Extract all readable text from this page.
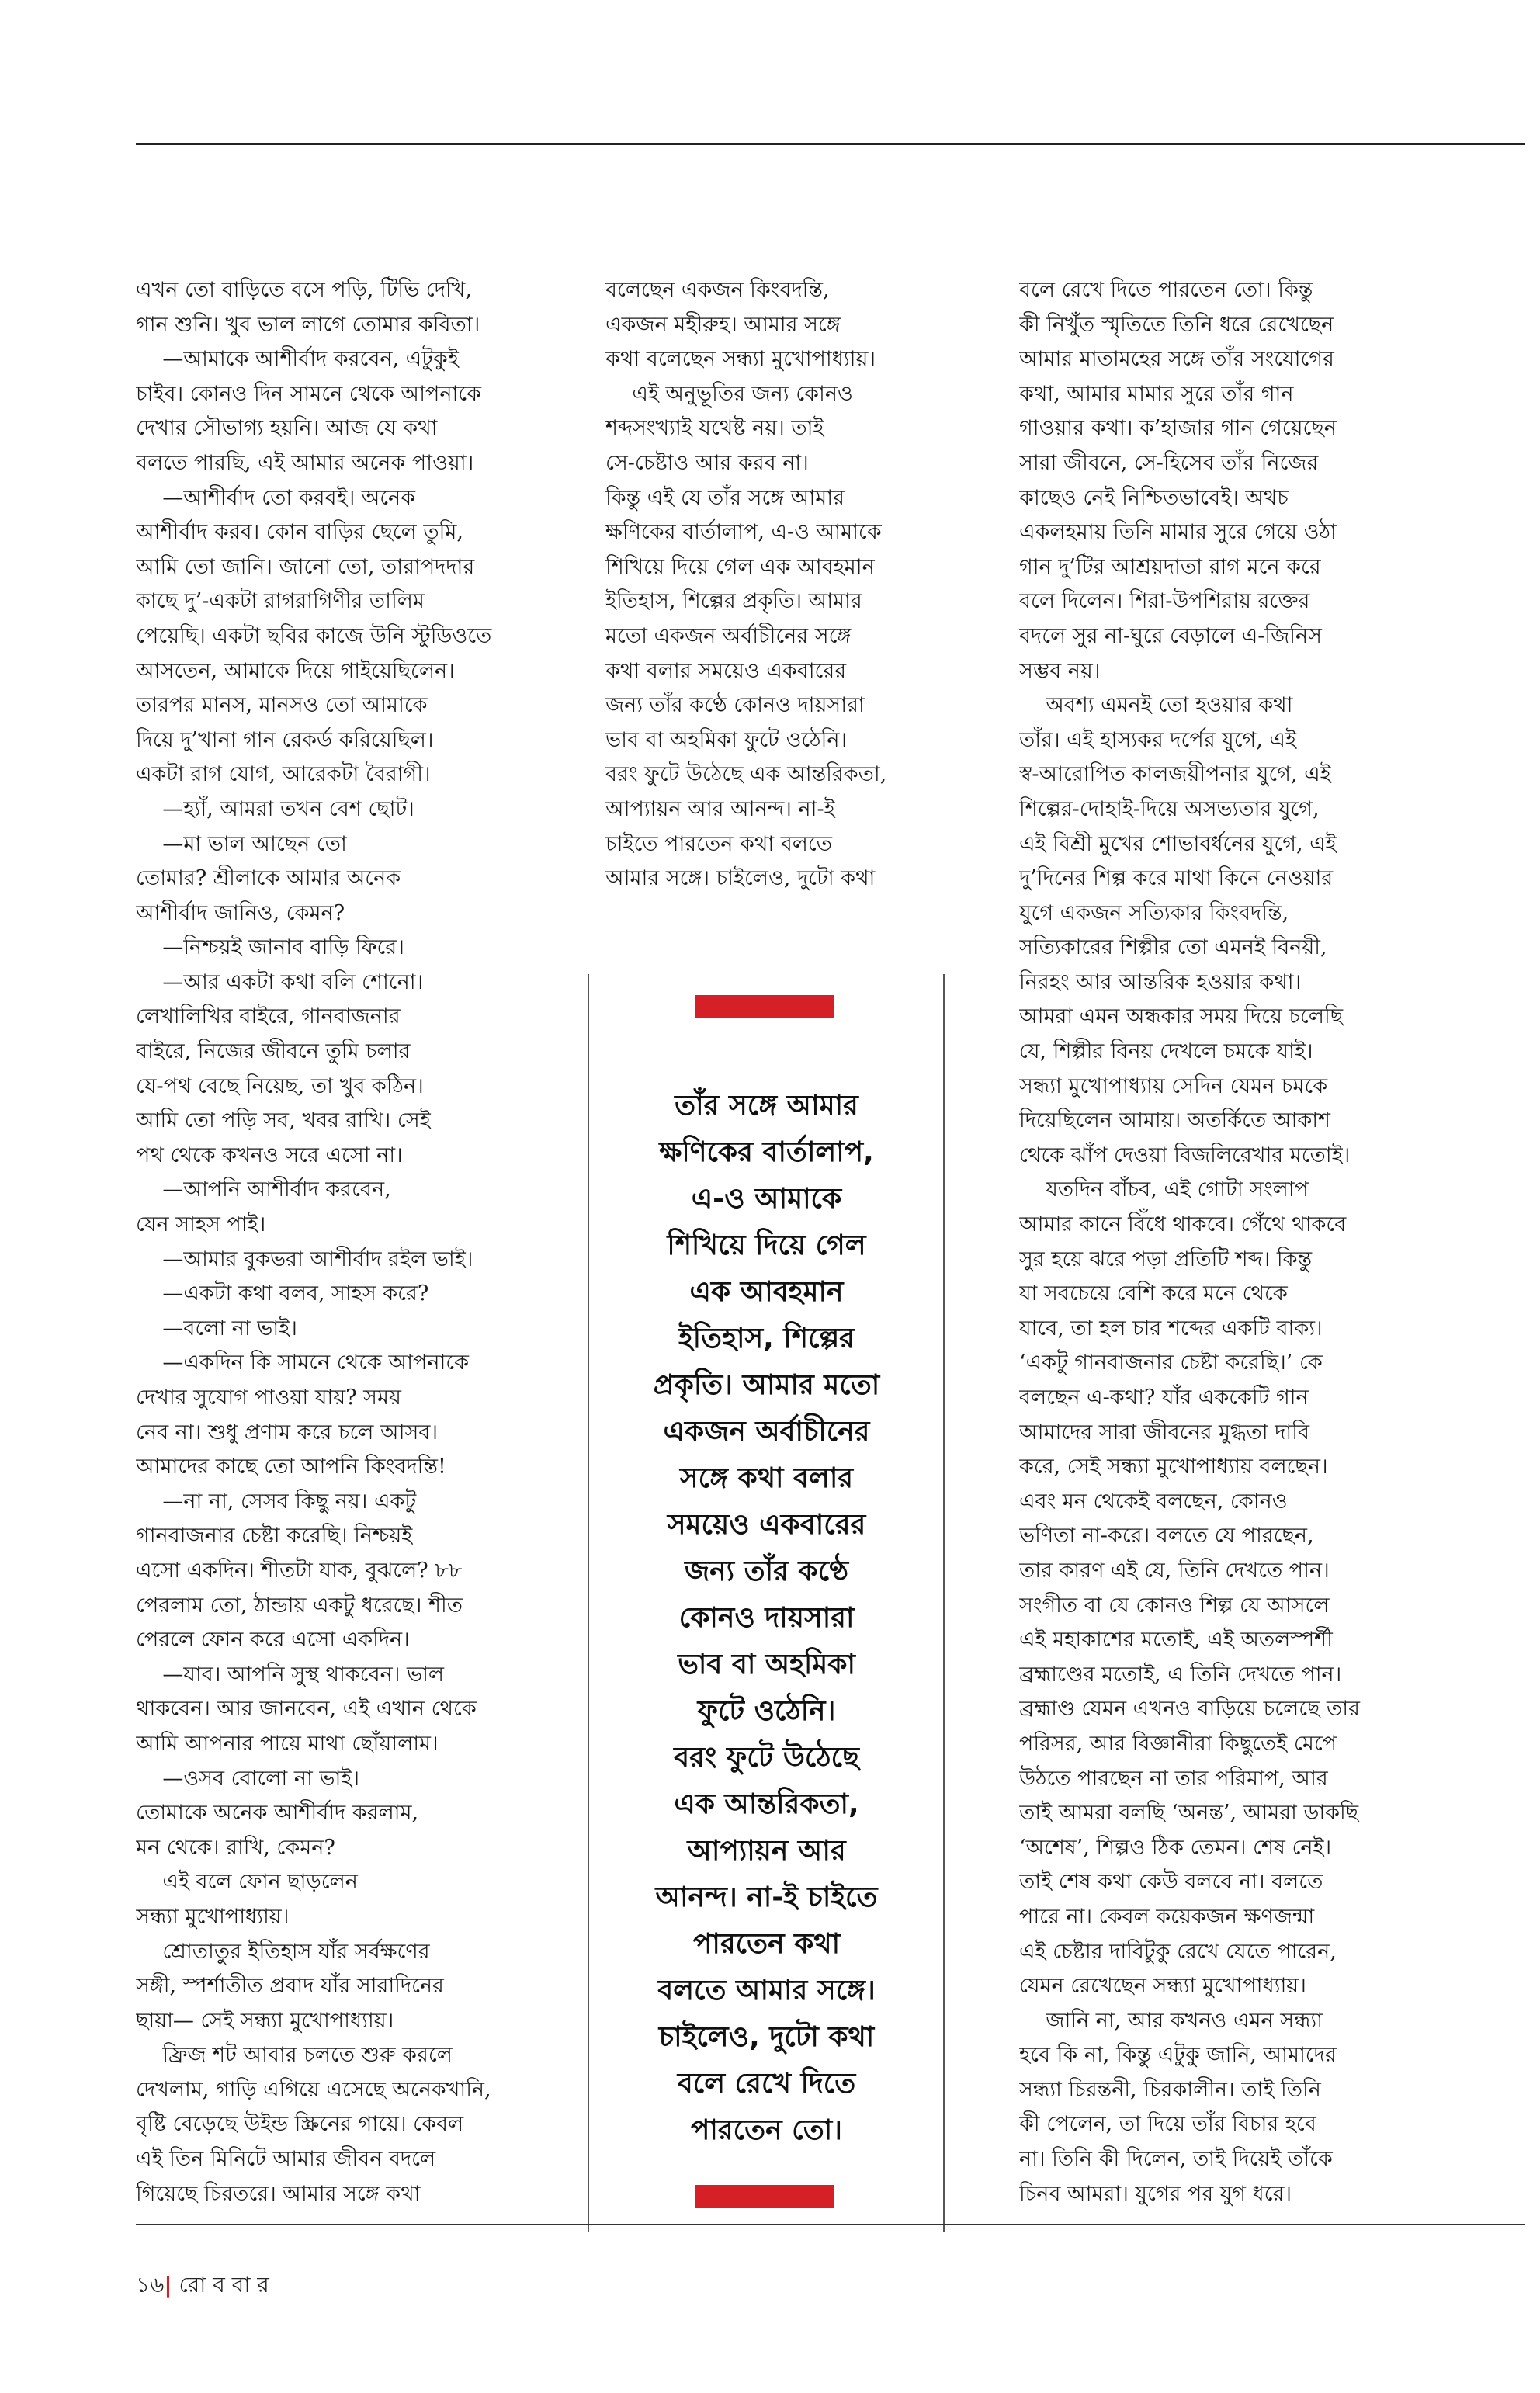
এখন তো বাড়িতে বসে পড়ি, টিভি দেখি,
গান শুনি। খুব ভাল লাগে তোমার কবিতা।
—আমাকে আশীর্বাদ করবেন, এটুকুই
চাইব। কোনও দিন সামনে থেকে আপনাকে
দেখার সৌভাগ্য হয়নি। আজ যে কথা
বলতে পারছি, এই আমার অনেক পাওয়া।
—আশীর্বাদ তো করবই। অনেক
আশীর্বাদ করব। কোন বাড়ির ছেলে তুমি,
আমি তো জানি। জানো তো, তারাপদদার
কাছে দু’-একটা রাগরাগিণীর তালিম
পেয়েছি। একটা ছবির কাজে উনি স্টুডিওতে
আসতেন, আমাকে দিয়ে গাইয়েছিলেন।
তারপর মানস, মানসও তো আমাকে
দিয়ে দু’খানা গান রেকর্ড করিয়েছিল।
একটা রাগ যোগ, আরেকটা বৈরাগী।
—হ্যাঁ, আমরা তখন বেশ ছোট।
—মা ভাল আছেন তো
তোমার? শ্রীলাকে আমার অনেক
আশীর্বাদ জানিও, কেমন?
—নিশ্চয়ই জানাব বাড়ি ফিরে।
—আর একটা কথা বলি শোনো।
লেখালিখির বাইরে, গানবাজনার
বাইরে, নিজের জীবনে তুমি চলার
যে-পথ বেছে নিয়েছ, তা খুব কঠিন।
আমি তো পড়ি সব, খবর রাখি। সেই
পথ থেকে কখনও সরে এসো না।
—আপনি আশীর্বাদ করবেন,
যেন সাহস পাই।
—আমার বুকভরা আশীর্বাদ রইল ভাই।
—একটা কথা বলব, সাহস করে?
—বলো না ভাই।
—একদিন কি সামনে থেকে আপনাকে
দেখার সুযোগ পাওয়া যায়? সময়
নেব না। শুধু প্রণাম করে চলে আসব।
আমাদের কাছে তো আপনি কিংবদন্তি!
—না না, সেসব কিছু নয়। একটু
গানবাজনার চেষ্টা করেছি। নিশ্চয়ই
এসো একদিন। শীতটা যাক, বুঝলে? ৮৮
পেরলাম তো, ঠান্ডায় একটু ধরেছে। শীত
পেরলে ফোন করে এসো একদিন।
—যাব। আপনি সুস্থ থাকবেন। ভাল
থাকবেন। আর জানবেন, এই এখান থেকে
আমি আপনার পায়ে মাথা ছোঁয়ালাম।
—ওসব বোলো না ভাই।
তোমাকে অনেক আশীর্বাদ করলাম,
মন থেকে। রাখি, কেমন?
এই বলে ফোন ছাড়লেন
সন্ধ্যা মুখোপাধ্যায়।
শ্রোতাতুর ইতিহাস যাঁর সর্বক্ষণের
সঙ্গী, স্পর্শাতীত প্রবাদ যাঁর সারাদিনের
ছায়া— সেই সন্ধ্যা মুখোপাধ্যায়।
ফ্রিজ শট আবার চলতে শুরু করলে
দেখলাম, গাড়ি এগিয়ে এসেছে অনেকখানি,
বৃষ্টি বেড়েছে উইন্ড স্ক্রিনের গায়ে। কেবল
এই তিন মিনিটে আমার জীবন বদলে
গিয়েছে চিরতরে। আমার সঙ্গে কথা
বলেছেন একজন কিংবদন্তি,
একজন মহীরুহ। আমার সঙ্গে
কথা বলেছেন সন্ধ্যা মুখোপাধ্যায়।
এই অনুভূতির জন্য কোনও
শব্দসংখ্যাই যথেষ্ট নয়। তাই
সে-চেষ্টাও আর করব না।
কিন্তু এই যে তাঁর সঙ্গে আমার
ক্ষণিকের বার্তালাপ, এ-ও আমাকে
শিখিয়ে দিয়ে গেল এক আবহমান
ইতিহাস, শিল্পের প্রকৃতি। আমার
মতো একজন অর্বাচীনের সঙ্গে
কথা বলার সময়েও একবারের
জন্য তাঁর কণ্ঠে কোনও দায়সারা
ভাব বা অহমিকা ফুটে ওঠেনি।
বরং ফুটে উঠেছে এক আন্তরিকতা,
আপ্যায়ন আর আনন্দ। না-ই
চাইতে পারতেন কথা বলতে
আমার সঙ্গে। চাইলেও, দুটো কথা
বলে রেখে দিতে পারতেন তো। কিন্তু
কী নিখুঁত স্মৃতিতে তিনি ধরে রেখেছেন
আমার মাতামহের সঙ্গে তাঁর সংযোগের
কথা, আমার মামার সুরে তাঁর গান
গাওয়ার কথা। ক’হাজার গান গেয়েছেন
সারা জীবনে, সে-হিসেব তাঁর নিজের
কাছেও নেই নিশ্চিতভাবেই। অথচ
একলহমায় তিনি মামার সুরে গেয়ে ওঠা
গান দু’টির আশ্রয়দাতা রাগ মনে করে
বলে দিলেন। শিরা-উপশিরায় রক্তের
বদলে সুর না-ঘুরে বেড়ালে এ-জিনিস
সম্ভব নয়।
অবশ্য এমনই তো হওয়ার কথা
তাঁর। এই হাস্যকর দর্পের যুগে, এই
স্ব-আরোপিত কালজয়ীপনার যুগে, এই
শিল্পের-দোহাই-দিয়ে অসভ্যতার যুগে,
এই বিশ্রী মুখের শোভাবর্ধনের যুগে, এই
দু’দিনের শিল্প করে মাথা কিনে নেওয়ার
যুগে একজন সত্যিকার কিংবদন্তি,
সত্যিকারের শিল্পীর তো এমনই বিনয়ী,
নিরহং আর আন্তরিক হওয়ার কথা।
আমরা এমন অন্ধকার সময় দিয়ে চলেছি
যে, শিল্পীর বিনয় দেখলে চমকে যাই।
সন্ধ্যা মুখোপাধ্যায় সেদিন যেমন চমকে
দিয়েছিলেন আমায়। অতর্কিতে আকাশ
থেকে ঝাঁপ দেওয়া বিজলিরেখার মতোই।
যতদিন বাঁচব, এই গোটা সংলাপ
আমার কানে বিঁধে থাকবে। গেঁথে থাকবে
সুর হয়ে ঝরে পড়া প্রতিটি শব্দ। কিন্তু
যা সবচেয়ে বেশি করে মনে থেকে
যাবে, তা হল চার শব্দের একটি বাক্য।
‘একটু গানবাজনার চেষ্টা করেছি।’ কে
বলছেন এ-কথা? যাঁর এককেটি গান
আমাদের সারা জীবনের মুগ্ধতা দাবি
করে, সেই সন্ধ্যা মুখোপাধ্যায় বলছেন।
এবং মন থেকেই বলছেন, কোনও
ভণিতা না-করে। বলতে যে পারছেন,
তার কারণ এই যে, তিনি দেখতে পান।
সংগীত বা যে কোনও শিল্প যে আসলে
এই মহাকাশের মতোই, এই অতলস্পর্শী
ব্রহ্মাণ্ডের মতোই, এ তিনি দেখতে পান।
ব্রহ্মাণ্ড যেমন এখনও বাড়িয়ে চলেছে তার
পরিসর, আর বিজ্ঞানীরা কিছুতেই মেপে
উঠতে পারছেন না তার পরিমাপ, আর
তাই আমরা বলছি ‘অনন্ত’, আমরা ডাকছি
‘অশেষ’, শিল্পও ঠিক তেমন। শেষ নেই।
তাই শেষ কথা কেউ বলবে না। বলতে
পারে না। কেবল কয়েকজন ক্ষণজন্মা
এই চেষ্টার দাবিটুকু রেখে যেতে পারেন,
যেমন রেখেছেন সন্ধ্যা মুখোপাধ্যায়।
জানি না, আর কখনও এমন সন্ধ্যা
হবে কি না, কিন্তু এটুকু জানি, আমাদের
সন্ধ্যা চিরন্তনী, চিরকালীন। তাই তিনি
কী পেলেন, তা দিয়ে তাঁর বিচার হবে
না। তিনি কী দিলেন, তাই দিয়েই তাঁকে
চিনব আমরা। যুগের পর যুগ ধরে।
তাঁর সঙ্গে আমার
ক্ষণিকের বার্তালাপ,
এ-ও আমাকে
শিখিয়ে দিয়ে গেল
এক আবহমান
ইতিহাস, শিল্পের
প্রকৃতি। আমার মতো
একজন অর্বাচীনের
সঙ্গে কথা বলার
সময়েও একবারের
জন্য তাঁর কণ্ঠে
কোনও দায়সারা
ভাব বা অহমিকা
ফুটে ওঠেনি।
বরং ফুটে উঠেছে
এক আন্তরিকতা,
আপ্যায়ন আর
আনন্দ। না-ই চাইতে
পারতেন কথা
বলতে আমার সঙ্গে।
চাইলেও, দুটো কথা
বলে রেখে দিতে
পারতেন তো।
১৬| রো ব বা র
